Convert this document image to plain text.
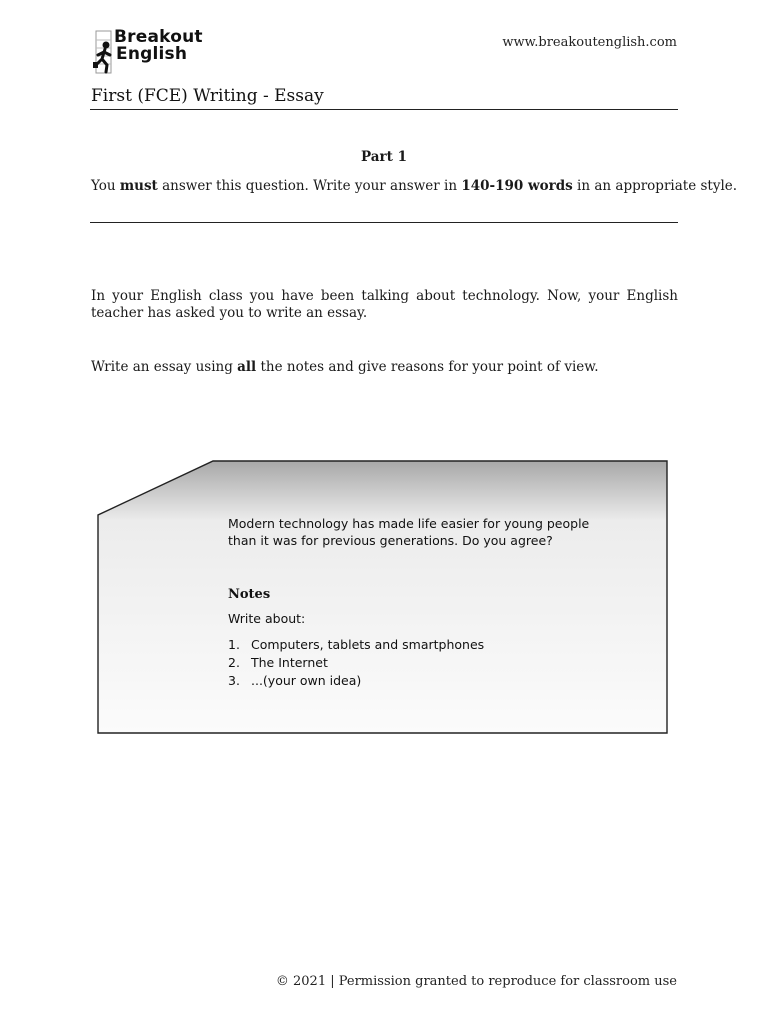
Breakout
English
www.breakoutenglish.com
First (FCE) Writing - Essay
Part 1
You must answer this question. Write your answer in 140-190 words in an appropriate style.
In your English class you have been talking about technology. Now, your English teacher has asked you to write an essay.
Write an essay using all the notes and give reasons for your point of view.
Modern technology has made life easier for young people
than it was for previous generations. Do you agree?
Notes
Write about:
1. Computers, tablets and smartphones
2. The Internet
3. ...(your own idea)
© 2021 | Permission granted to reproduce for classroom use
